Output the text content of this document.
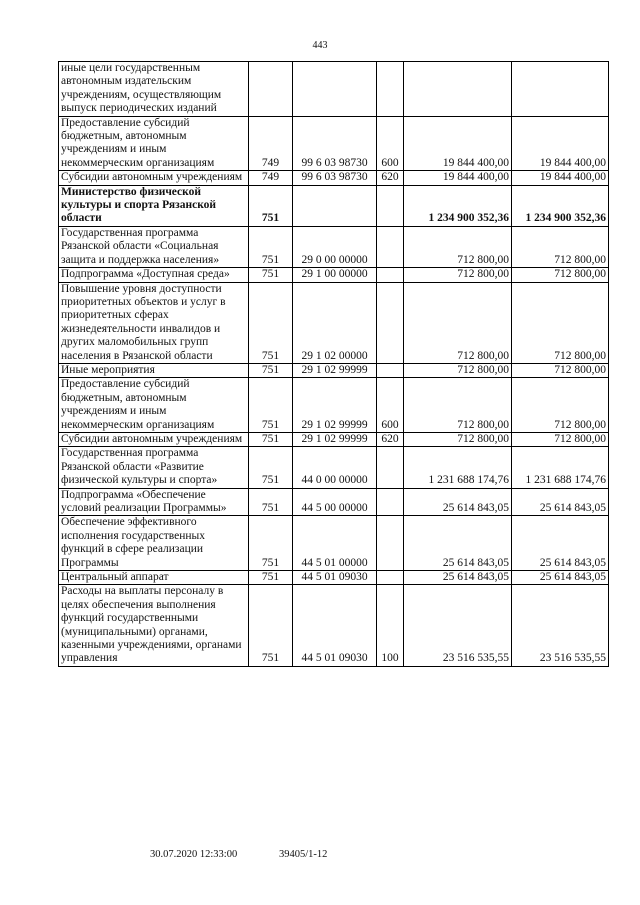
443
иные цели государственным автономным издательским учреждениям, осуществляющим выпуск периодических изданий					
Предоставление субсидий бюджетным, автономным учреждениям и иным некоммерческим организациям	749	99 6 03 98730	600	19 844 400,00	19 844 400,00
Субсидии автономным учреждениям	749	99 6 03 98730	620	19 844 400,00	19 844 400,00
Министерство физической культуры и спорта Рязанской области	751			1 234 900 352,36	1 234 900 352,36
Государственная программа Рязанской области «Социальная защита и поддержка населения»	751	29 0 00 00000		712 800,00	712 800,00
Подпрограмма «Доступная среда»	751	29 1 00 00000		712 800,00	712 800,00
Повышение уровня доступности приоритетных объектов и услуг в приоритетных сферах жизнедеятельности инвалидов и других маломобильных групп населения в Рязанской области	751	29 1 02 00000		712 800,00	712 800,00
Иные мероприятия	751	29 1 02 99999		712 800,00	712 800,00
Предоставление субсидий бюджетным, автономным учреждениям и иным некоммерческим организациям	751	29 1 02 99999	600	712 800,00	712 800,00
Субсидии автономным учреждениям	751	29 1 02 99999	620	712 800,00	712 800,00
Государственная программа Рязанской области «Развитие физической культуры и спорта»	751	44 0 00 00000		1 231 688 174,76	1 231 688 174,76
Подпрограмма «Обеспечение условий реализации Программы»	751	44 5 00 00000		25 614 843,05	25 614 843,05
Обеспечение эффективного исполнения государственных функций в сфере реализации Программы	751	44 5 01 00000		25 614 843,05	25 614 843,05
Центральный аппарат	751	44 5 01 09030		25 614 843,05	25 614 843,05
Расходы на выплаты персоналу в целях обеспечения выполнения функций государственными (муниципальными) органами, казенными учреждениями, органами управления	751	44 5 01 09030	100	23 516 535,55	23 516 535,55
30.07.2020 12:33:00	39405/1-12
